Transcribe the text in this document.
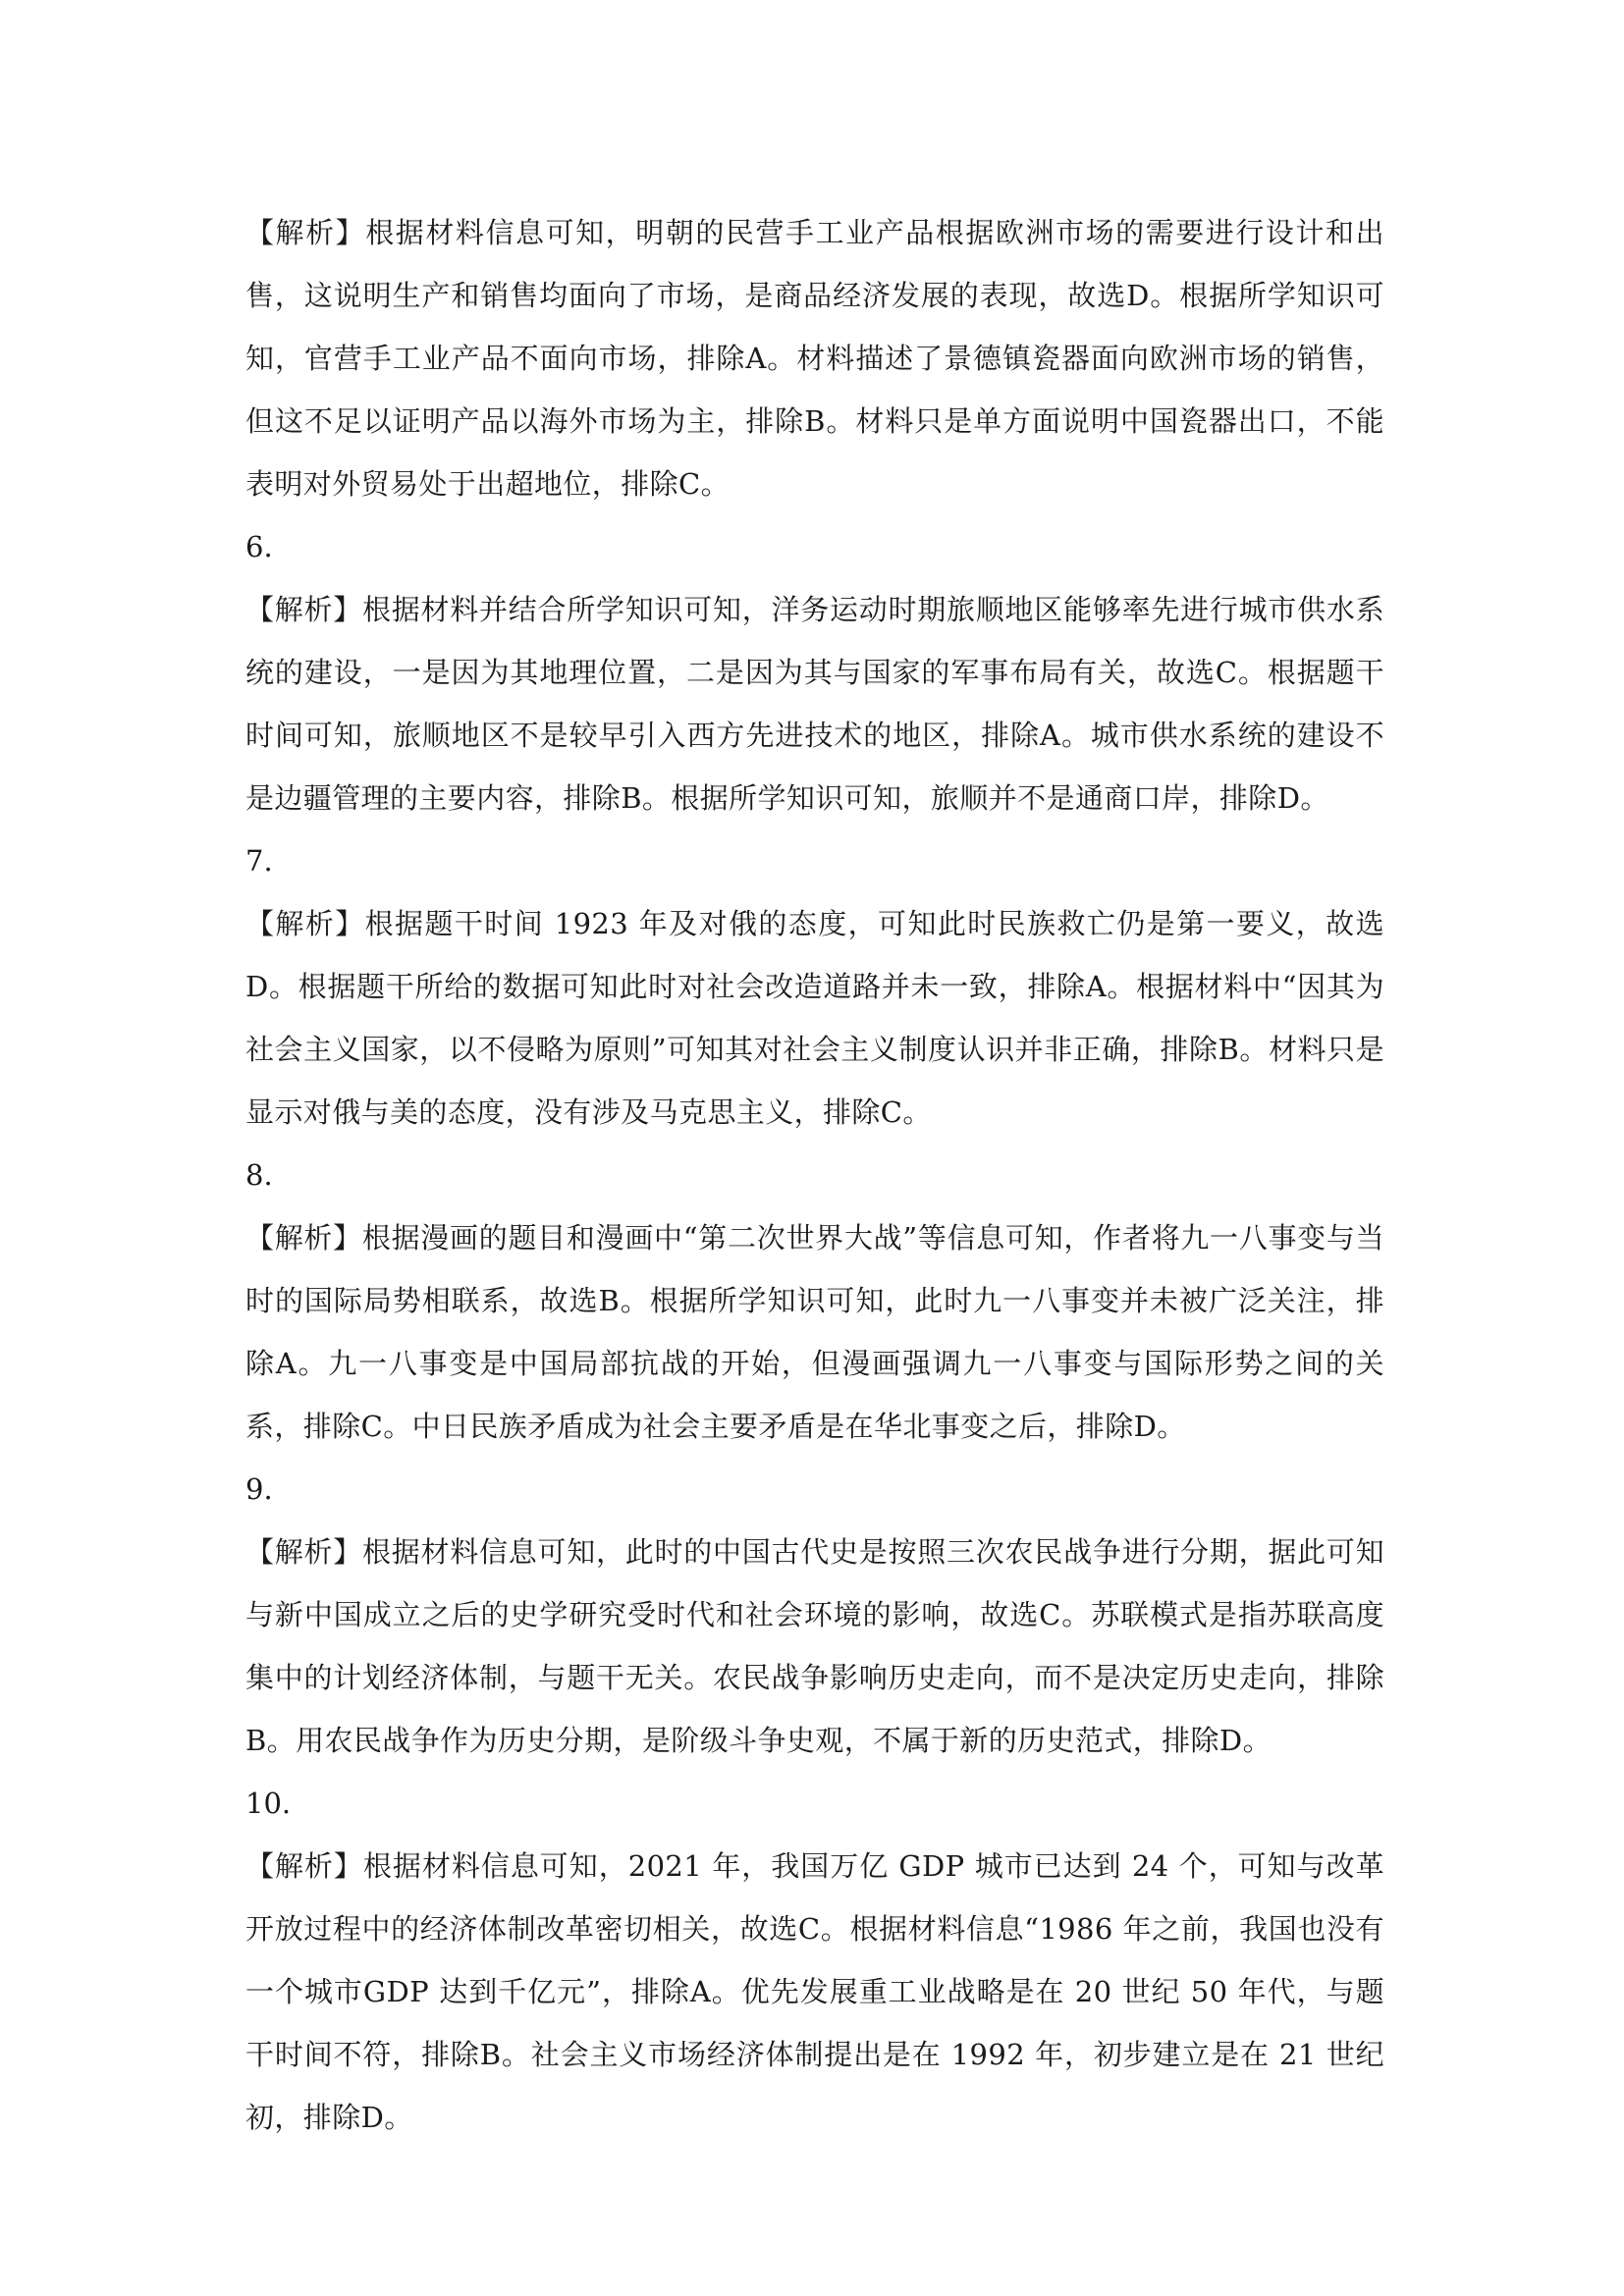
【解析】根据材料信息可知，明朝的民营手工业产品根据欧洲市场的需要进行设计和出售，这说明生产和销售均面向了市场，是商品经济发展的表现，故选D。根据所学知识可知，官营手工业产品不面向市场，排除A。材料描述了景德镇瓷器面向欧洲市场的销售，但这不足以证明产品以海外市场为主，排除B。材料只是单方面说明中国瓷器出口，不能表明对外贸易处于出超地位，排除C。

6.

【解析】根据材料并结合所学知识可知，洋务运动时期旅顺地区能够率先进行城市供水系统的建设，一是因为其地理位置，二是因为其与国家的军事布局有关，故选C。根据题干时间可知，旅顺地区不是较早引入西方先进技术的地区，排除A。城市供水系统的建设不是边疆管理的主要内容，排除B。根据所学知识可知，旅顺并不是通商口岸，排除D。

7.

【解析】根据题干时间 1923 年及对俄的态度，可知此时民族救亡仍是第一要义，故选 D。根据题干所给的数据可知此时对社会改造道路并未一致，排除A。根据材料中“因其为社会主义国家，以不侵略为原则”可知其对社会主义制度认识并非正确，排除B。材料只是显示对俄与美的态度，没有涉及马克思主义，排除C。

8.

【解析】根据漫画的题目和漫画中“第二次世界大战”等信息可知，作者将九一八事变与当时的国际局势相联系，故选B。根据所学知识可知，此时九一八事变并未被广泛关注，排除A。九一八事变是中国局部抗战的开始，但漫画强调九一八事变与国际形势之间的关系，排除C。中日民族矛盾成为社会主要矛盾是在华北事变之后，排除D。

9.

【解析】根据材料信息可知，此时的中国古代史是按照三次农民战争进行分期，据此可知与新中国成立之后的史学研究受时代和社会环境的影响，故选C。苏联模式是指苏联高度集中的计划经济体制，与题干无关。农民战争影响历史走向，而不是决定历史走向，排除B。用农民战争作为历史分期，是阶级斗争史观，不属于新的历史范式，排除D。

10.

【解析】根据材料信息可知，2021 年，我国万亿 GDP 城市已达到 24 个，可知与改革开放过程中的经济体制改革密切相关，故选C。根据材料信息“1986 年之前，我国也没有一个城市GDP 达到千亿元”，排除A。优先发展重工业战略是在 20 世纪 50 年代，与题干时间不符，排除B。社会主义市场经济体制提出是在 1992 年，初步建立是在 21 世纪初，排除D。
